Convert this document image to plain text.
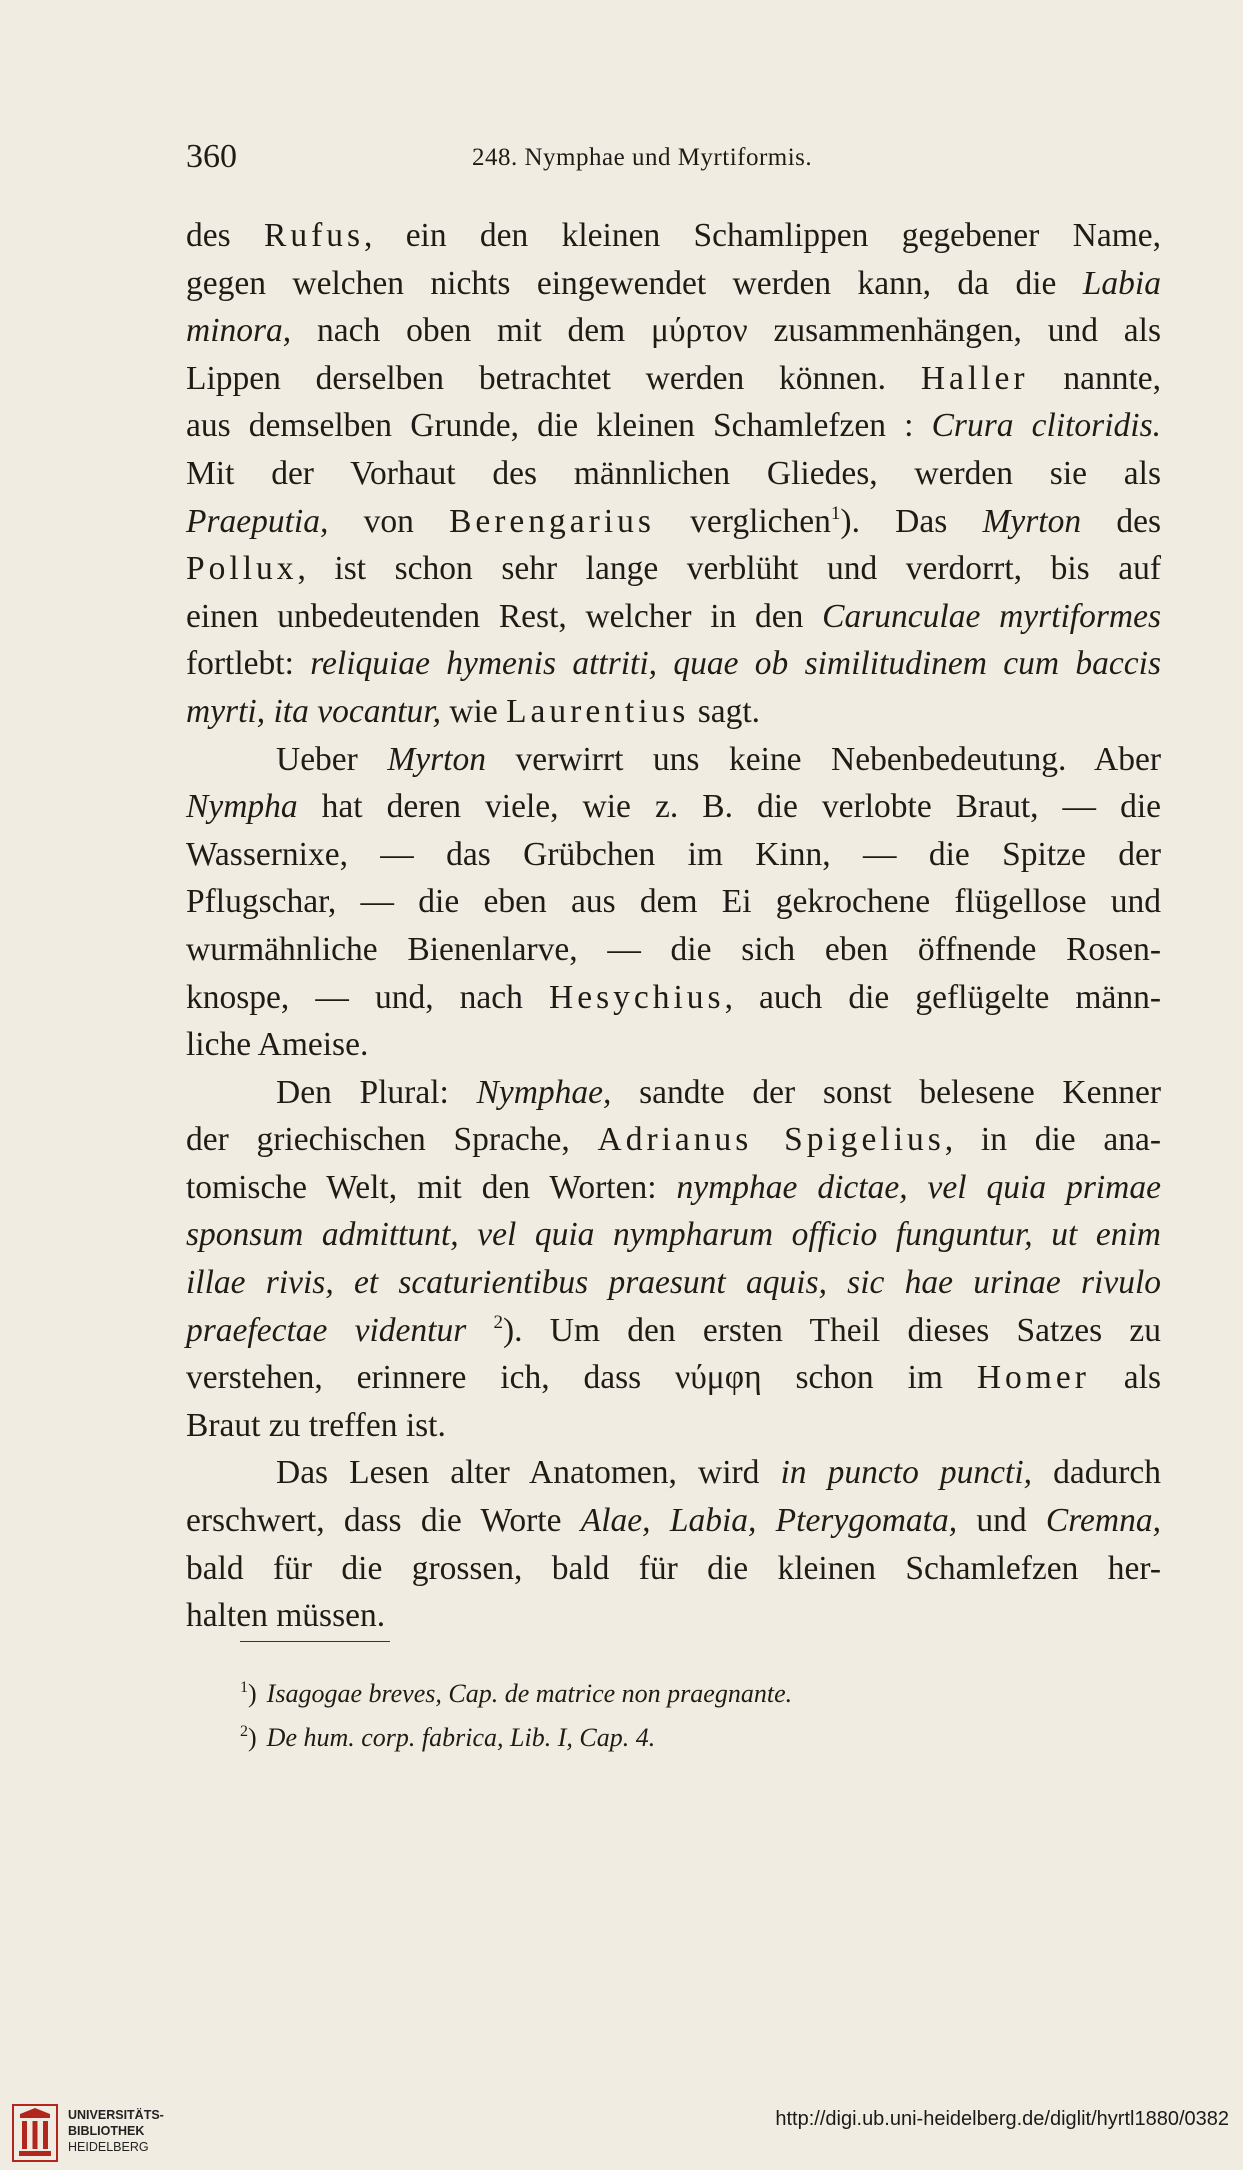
360	248. Nymphae und Myrtiformis.
des Rufus, ein den kleinen Schamlippen gegebener Name,
gegen welchen nichts eingewendet werden kann, da die Labia
minora, nach oben mit dem μύρτον zusammenhängen, und als
Lippen derselben betrachtet werden können. Haller nannte,
aus demselben Grunde, die kleinen Schamlefzen : Crura clitoridis.
Mit der Vorhaut des männlichen Gliedes, werden sie als
Praeputia, von Berengarius verglichen$^1$). Das Myrton des
Pollux, ist schon sehr lange verblüht und verdorrt, bis auf
einen unbedeutenden Rest, welcher in den Carunculae myrtiformes
fortlebt: reliquiae hymenis attriti, quae ob similitudinem cum baccis
myrti, ita vocantur, wie Laurentius sagt.
Ueber Myrton verwirrt uns keine Nebenbedeutung. Aber
Nympha hat deren viele, wie z. B. die verlobte Braut, — die
Wassernixe, — das Grübchen im Kinn, — die Spitze der
Pflugschar, — die eben aus dem Ei gekrochene flügellose und
wurmähnliche Bienenlarve, — die sich eben öffnende Rosen-
knospe, — und, nach Hesychius, auch die geflügelte männ-
liche Ameise.
Den Plural: Nymphae, sandte der sonst belesene Kenner
der griechischen Sprache, Adrianus Spigelius, in die ana-
tomische Welt, mit den Worten: nymphae dictae, vel quia primae
sponsum admittunt, vel quia nympharum officio funguntur, ut enim
illae rivis, et scaturientibus praesunt aquis, sic hae urinae rivulo
praefectae videntur $^2$). Um den ersten Theil dieses Satzes zu
verstehen, erinnere ich, dass νύμφη schon im Homer als
Braut zu treffen ist.
Das Lesen alter Anatomen, wird in puncto puncti, dadurch
erschwert, dass die Worte Alae, Labia, Pterygomata, und Cremna,
bald für die grossen, bald für die kleinen Schamlefzen her-
halten müssen.
$^1$) Isagogae breves, Cap. de matrice non praegnante.
$^2$) De hum. corp. fabrica, Lib. I, Cap. 4.
UNIVERSITÄTS-
BIBLIOTHEK
HEIDELBERG
http://digi.ub.uni-heidelberg.de/diglit/hyrtl1880/0382
